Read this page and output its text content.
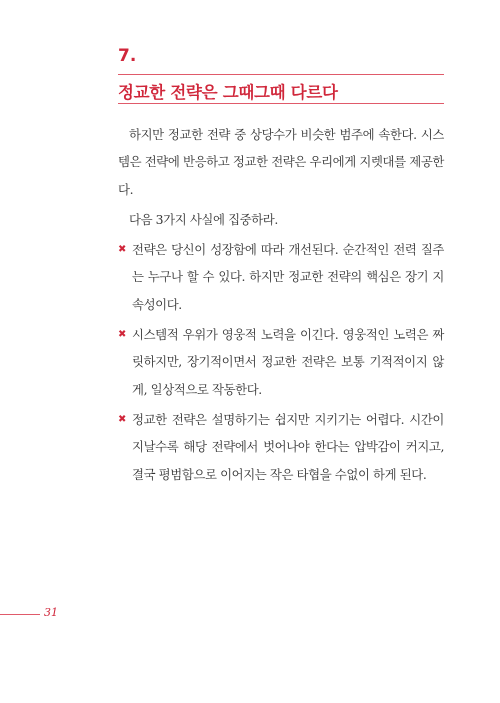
7.
정교한 전략은 그때그때 다르다

하지만 정교한 전략 중 상당수가 비슷한 범주에 속한다. 시스템은 전략에 반응하고 정교한 전략은 우리에게 지렛대를 제공한다.

다음 3가지 사실에 집중하라.

✖ 전략은 당신이 성장함에 따라 개선된다. 순간적인 전력 질주는 누구나 할 수 있다. 하지만 정교한 전략의 핵심은 장기 지속성이다.
✖ 시스템적 우위가 영웅적 노력을 이긴다. 영웅적인 노력은 짜릿하지만, 장기적이면서 정교한 전략은 보통 기적적이지 않게, 일상적으로 작동한다.
✖ 정교한 전략은 설명하기는 쉽지만 지키기는 어렵다. 시간이 지날수록 해당 전략에서 벗어나야 한다는 압박감이 커지고, 결국 평범함으로 이어지는 작은 타협을 수없이 하게 된다.
31
